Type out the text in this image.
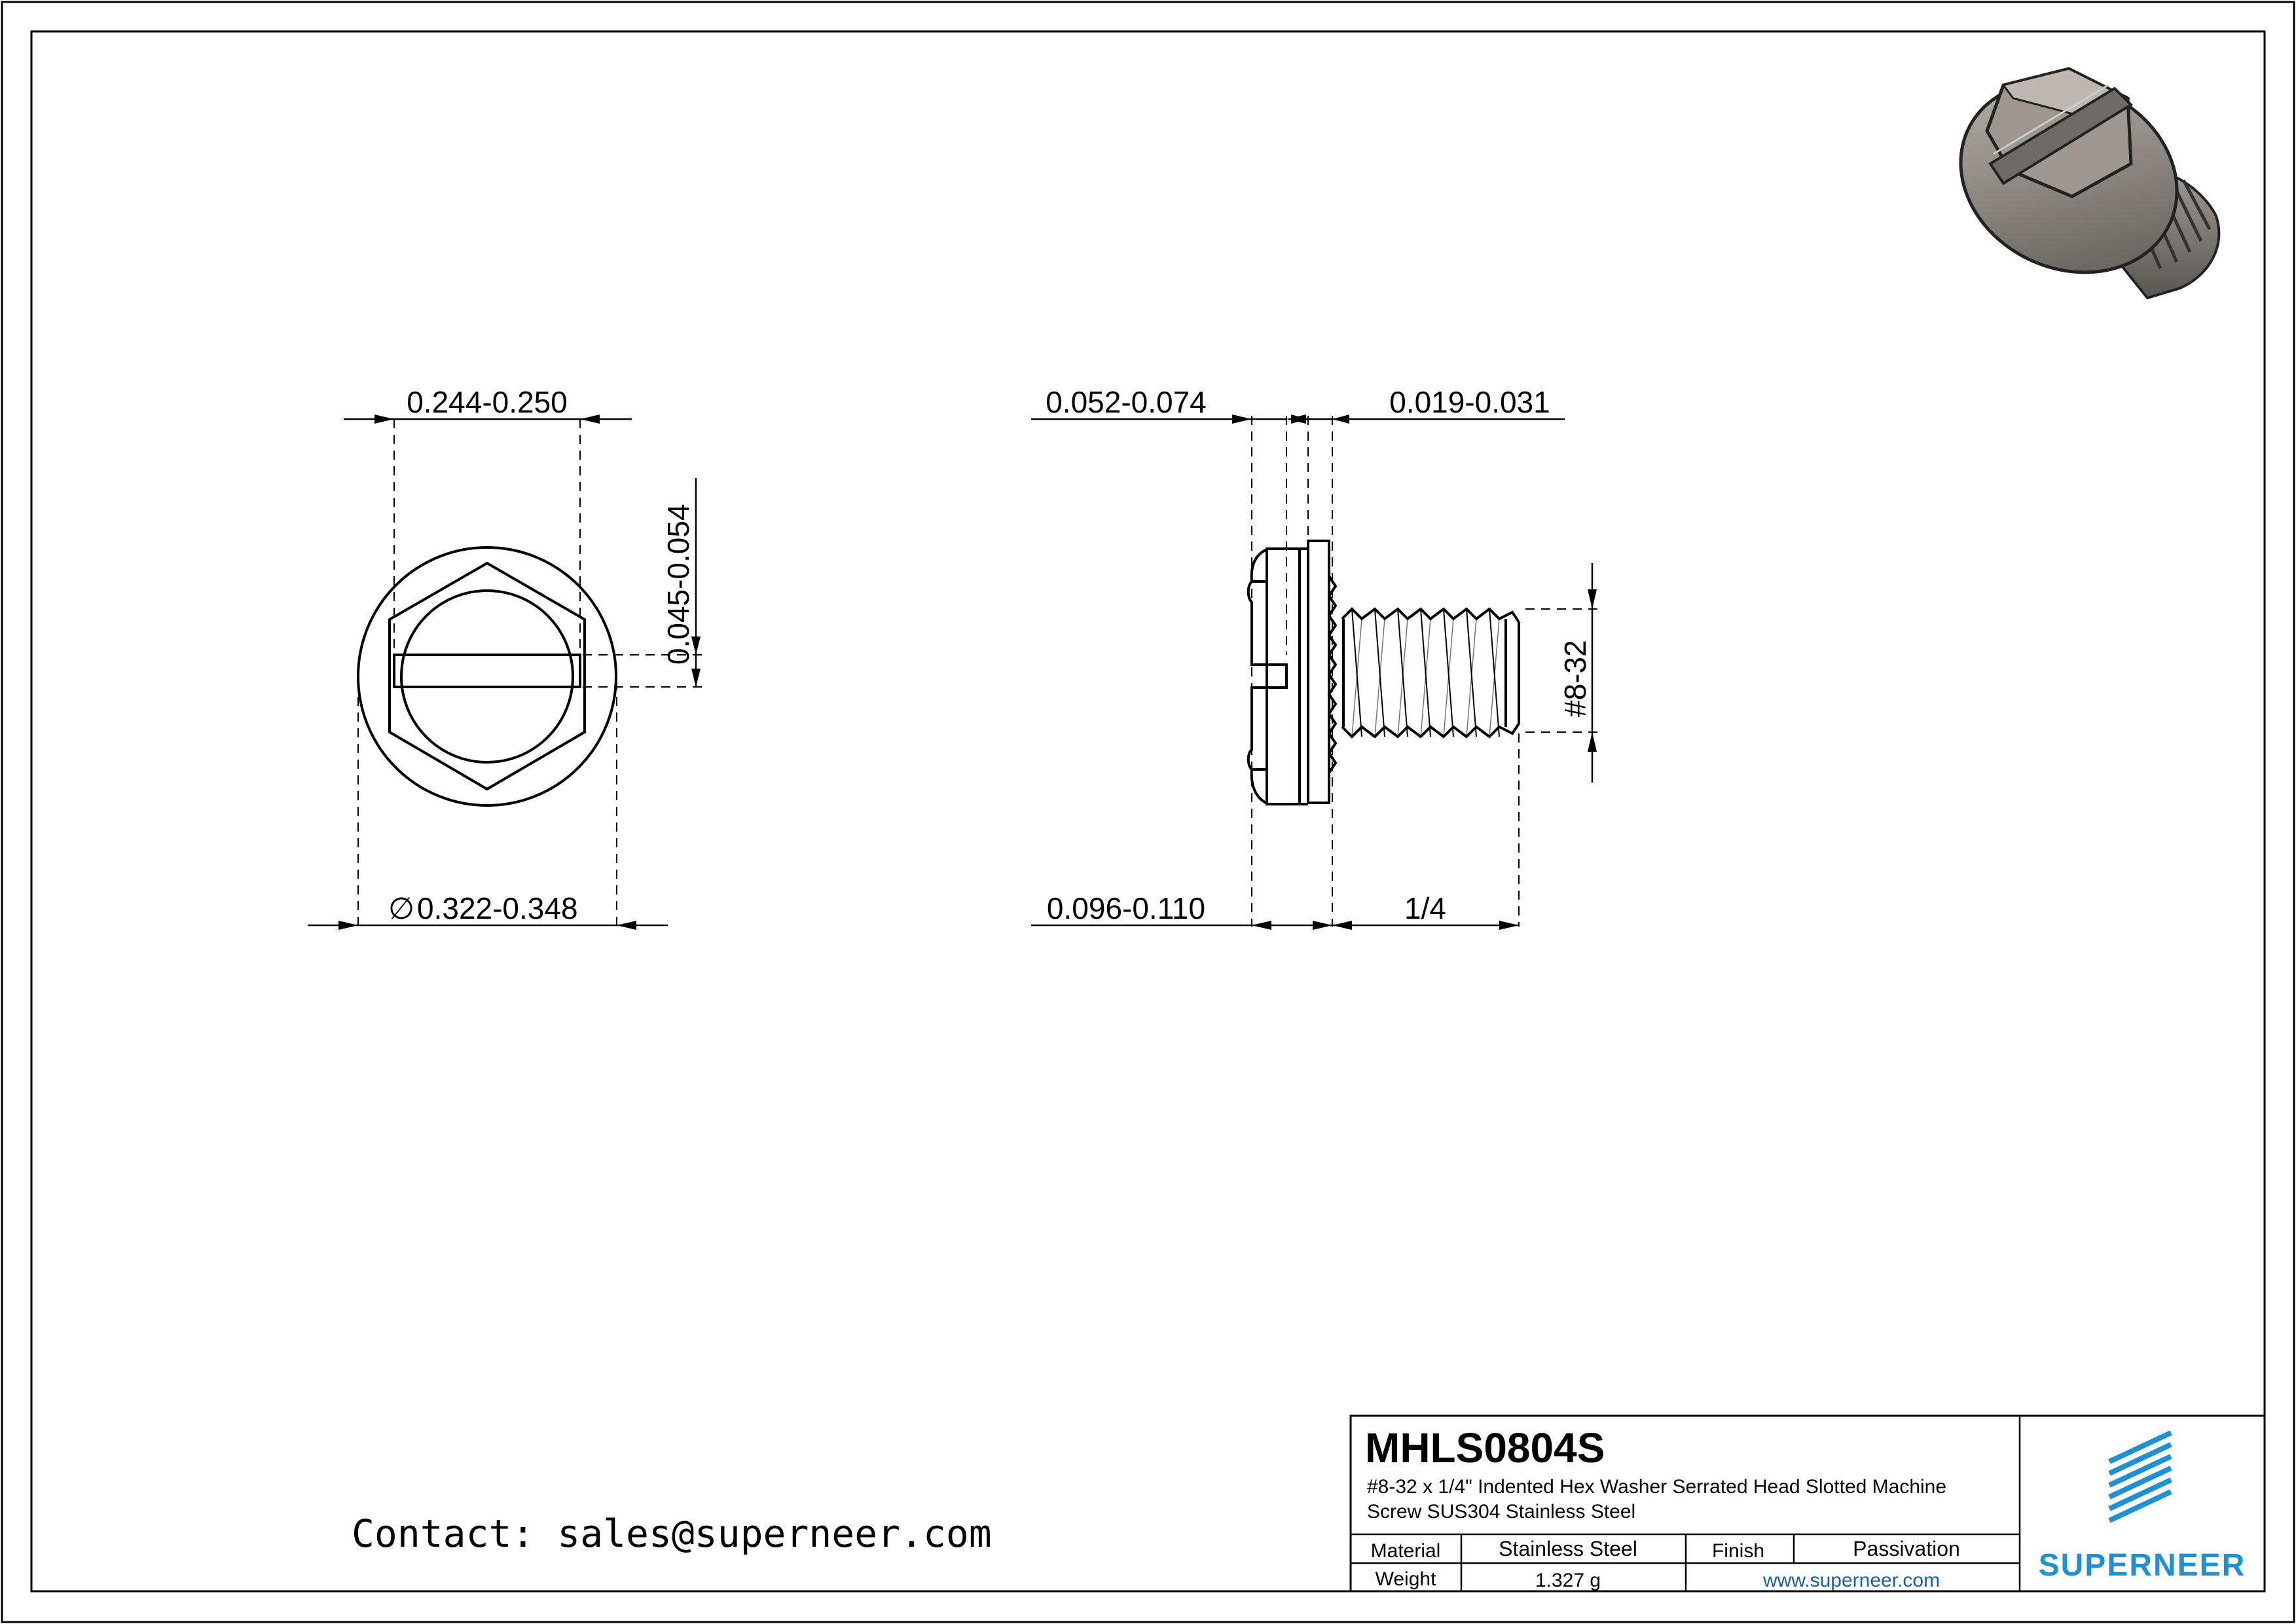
0.244-0.250
0.045-0.054
∅ 0.322-0.348
0.052-0.074	0.019-0.031
0.096-0.110	1/4
#8-32
Contact: sales@superneer.com
MHLS0804S
#8-32 x 1/4" Indented Hex Washer Serrated Head Slotted Machine
Screw SUS304 Stainless Steel
Material	Stainless Steel	Finish	Passivation
Weight	1.327 g	www.superneer.com	SUPERNEER
